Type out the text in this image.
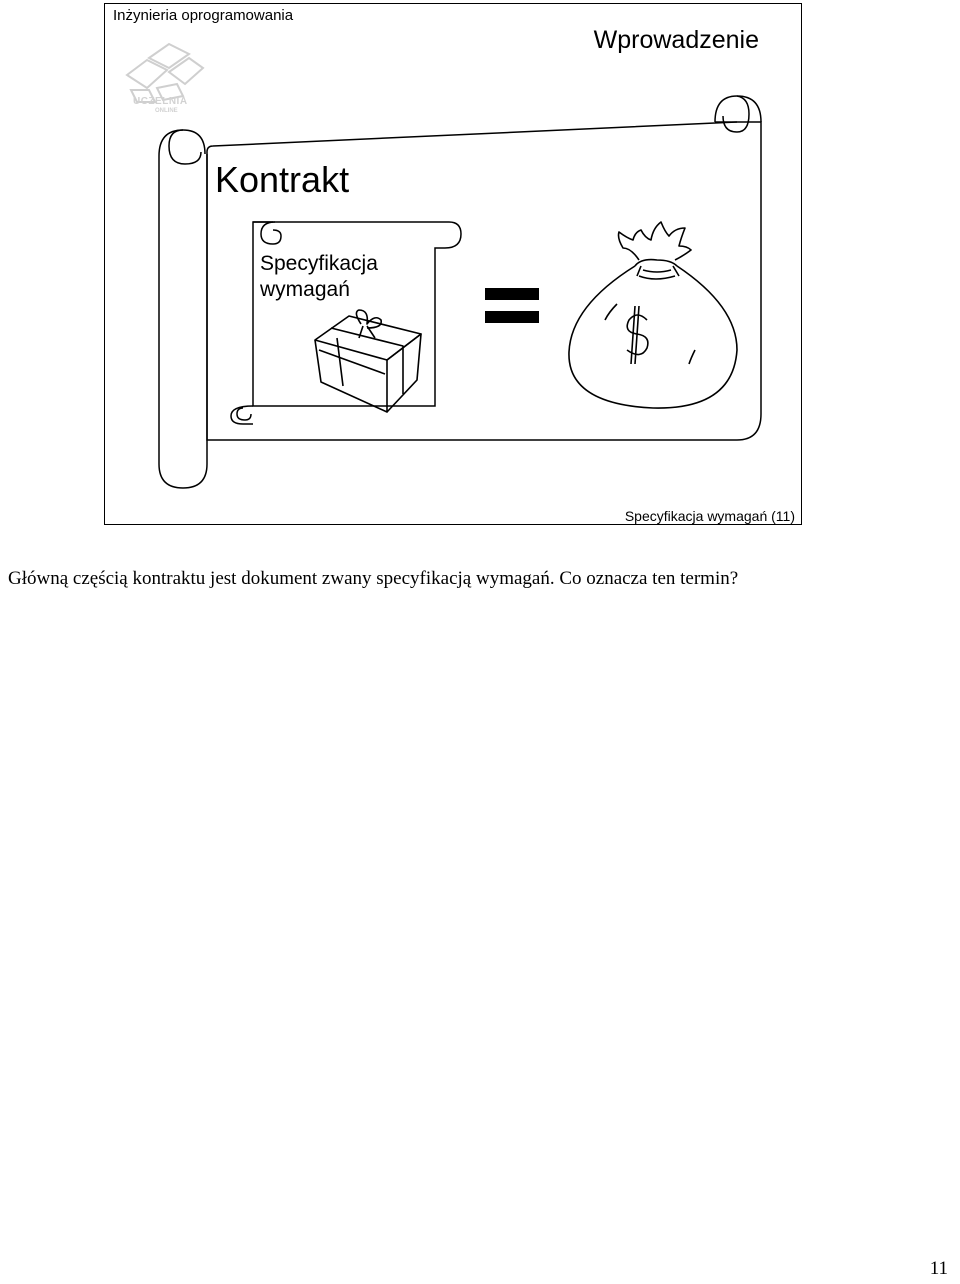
Inżynieria oprogramowania
Wprowadzenie
UCZELNIA
ONLINE
Kontrakt
Specyfikacja
wymagań
Specyfikacja wymagań (11)
Główną częścią kontraktu jest dokument zwany specyfikacją wymagań. Co oznacza ten termin?
11
